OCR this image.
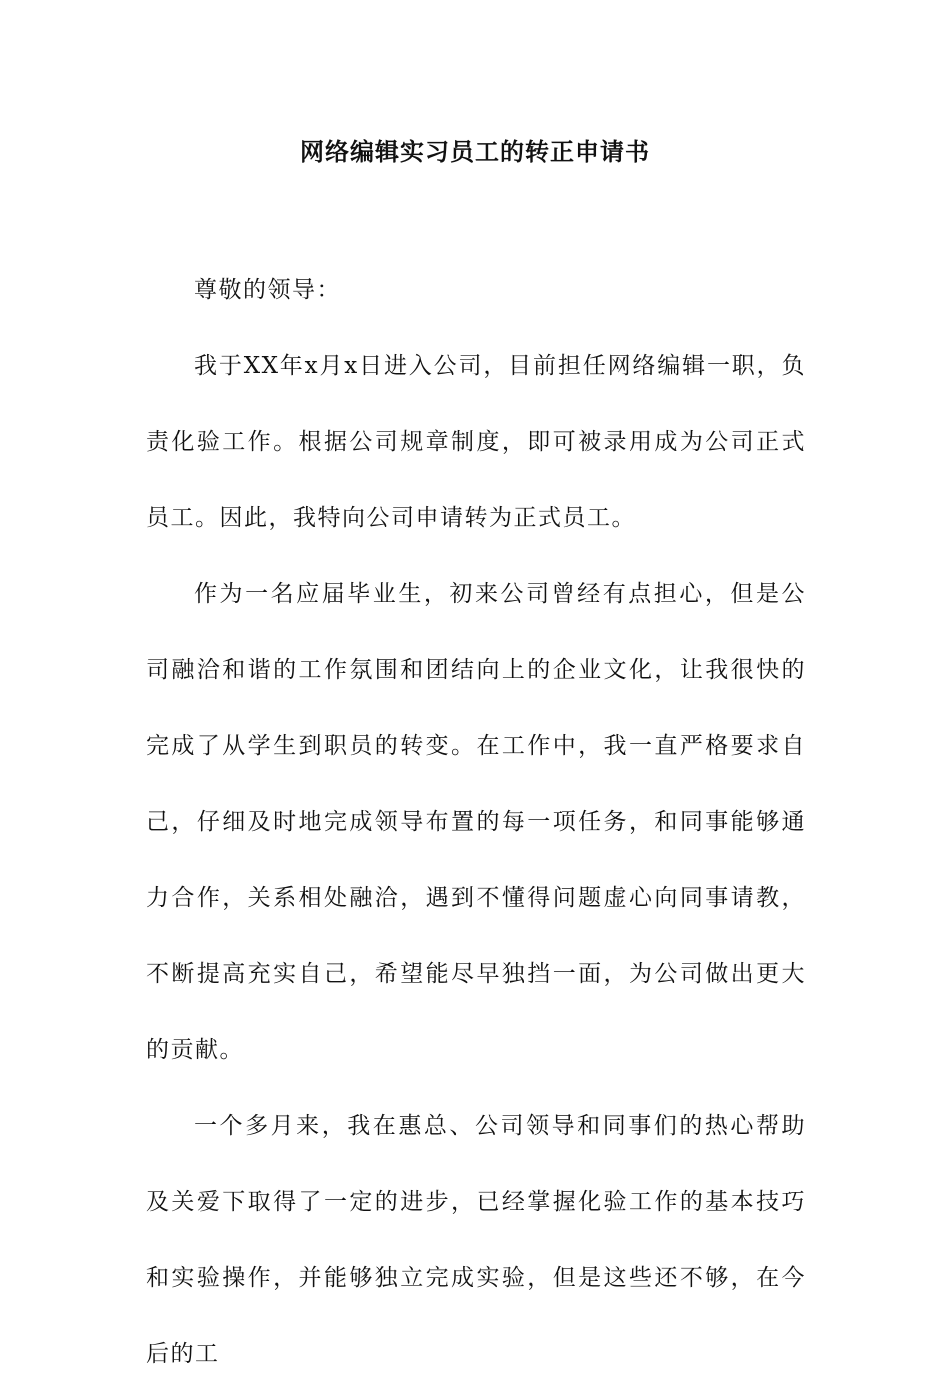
网络编辑实习员工的转正申请书

尊敬的领导：

我于XX年x月x日进入公司，目前担任网络编辑一职，负责化验工作。根据公司规章制度，即可被录用成为公司正式员工。因此，我特向公司申请转为正式员工。

作为一名应届毕业生，初来公司曾经有点担心，但是公司融洽和谐的工作氛围和团结向上的企业文化，让我很快的完成了从学生到职员的转变。在工作中，我一直严格要求自己，仔细及时地完成领导布置的每一项任务，和同事能够通力合作，关系相处融洽，遇到不懂得问题虚心向同事请教，不断提高充实自己，希望能尽早独挡一面，为公司做出更大的贡献。

一个多月来，我在惠总、公司领导和同事们的热心帮助及关爱下取得了一定的进步，已经掌握化验工作的基本技巧和实验操作，并能够独立完成实验，但是这些还不够，在今后的工
